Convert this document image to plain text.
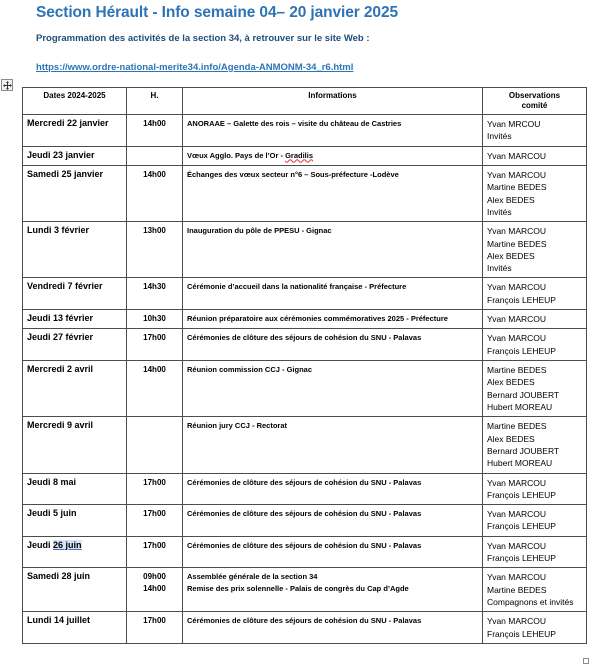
Section Hérault - Info semaine 04– 20 janvier 2025
Programmation des activités de la section 34, à retrouver sur le site Web :
https://www.ordre-national-merite34.info/Agenda-ANMONM-34_r6.html
Dates 2024-2025	H.	Informations	Observations
comité
Mercredi 22 janvier	14h00	ANORAAE – Galette des rois – visite du château de Castries	Yvan MRCOU
Invités

Jeudi 23 janvier		Vœux Agglo. Pays de l’Or - Gradilis	Yvan MARCOU

Samedi 25 janvier	14h00	Échanges des vœux secteur n°6 – Sous-préfecture -Lodève	Yvan MARCOU
Martine BEDES
Alex BEDES
Invités

Lundi 3 février	13h00	Inauguration du pôle de PPESU - Gignac	Yvan MARCOU
Martine BEDES
Alex BEDES
Invités

Vendredi 7 février	14h30	Cérémonie d’accueil dans la nationalité française - Préfecture	Yvan MARCOU
François LEHEUP

Jeudi 13 février	10h30	Réunion préparatoire aux cérémonies commémoratives 2025 - Préfecture	Yvan MARCOU

Jeudi 27 février	17h00	Cérémonies de clôture des séjours de cohésion du SNU - Palavas	Yvan MARCOU
François LEHEUP

Mercredi 2 avril	14h00	Réunion commission CCJ - Gignac	Martine BEDES
Alex BEDES
Bernard JOUBERT
Hubert MOREAU

Mercredi 9 avril		Réunion jury CCJ - Rectorat	Martine BEDES
Alex BEDES
Bernard JOUBERT
Hubert MOREAU

Jeudi 8 mai	17h00	Cérémonies de clôture des séjours de cohésion du SNU - Palavas	Yvan MARCOU
François LEHEUP

Jeudi 5 juin	17h00	Cérémonies de clôture des séjours de cohésion du SNU - Palavas	Yvan MARCOU
François LEHEUP

Jeudi 26 juin	17h00	Cérémonies de clôture des séjours de cohésion du SNU - Palavas	Yvan MARCOU
François LEHEUP

Samedi 28 juin	09h00
14h00	Assemblée générale de la section 34
Remise des prix solennelle - Palais de congrès du Cap d’Agde	Yvan MARCOU
Martine BEDES
Compagnons et invités

Lundi 14 juillet	17h00	Cérémonies de clôture des séjours de cohésion du SNU - Palavas	Yvan MARCOU
François LEHEUP
